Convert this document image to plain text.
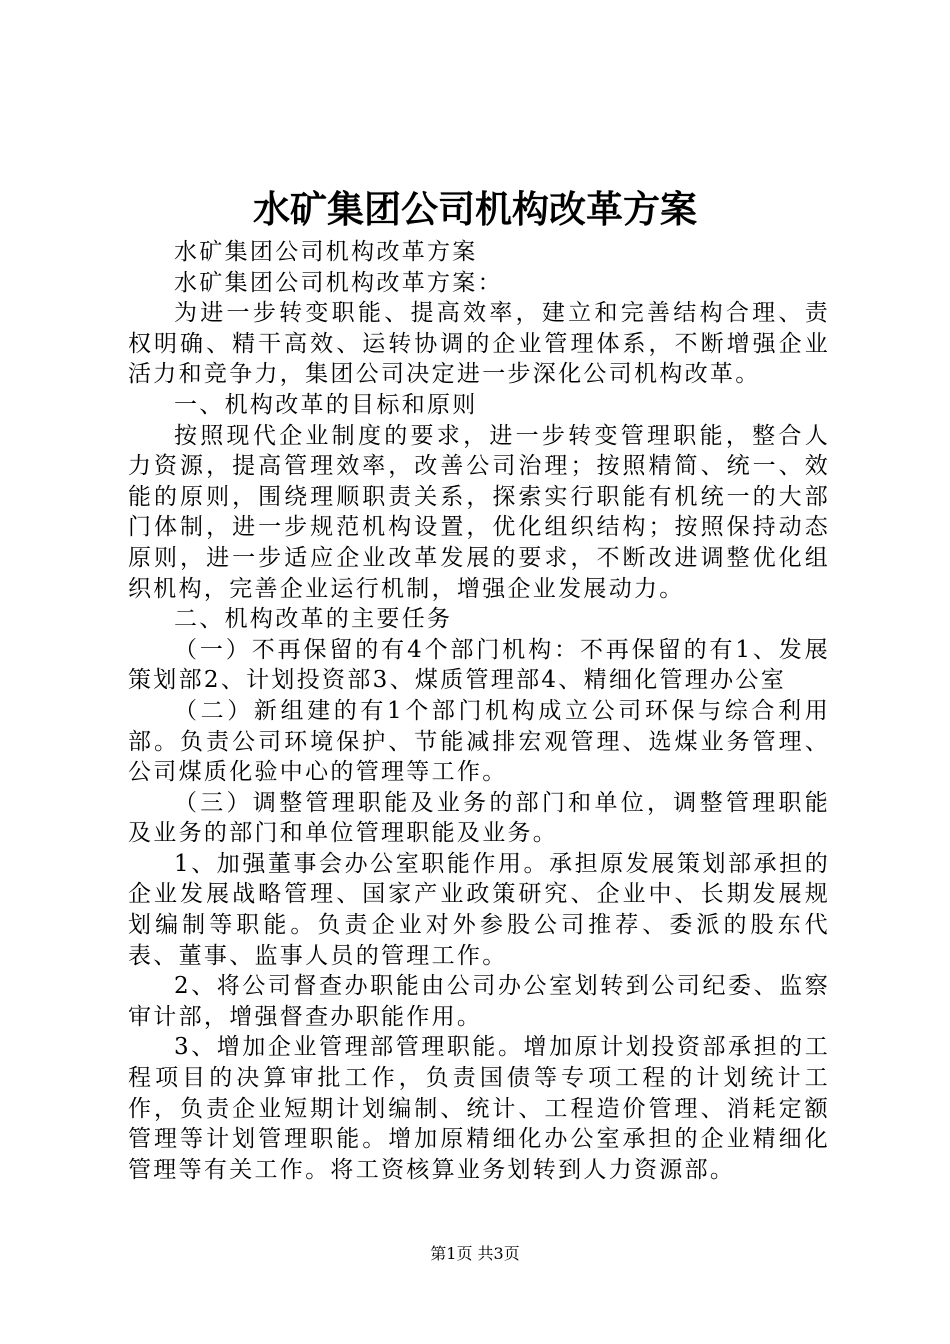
水矿集团公司机构改革方案

水矿集团公司机构改革方案

水矿集团公司机构改革方案：

为进一步转变职能、提高效率，建立和完善结构合理、责权明确、精干高效、运转协调的企业管理体系，不断增强企业活力和竞争力，集团公司决定进一步深化公司机构改革。

一、机构改革的目标和原则

按照现代企业制度的要求，进一步转变管理职能，整合人力资源，提高管理效率，改善公司治理；按照精简、统一、效能的原则，围绕理顺职责关系，探索实行职能有机统一的大部门体制，进一步规范机构设置，优化组织结构；按照保持动态原则，进一步适应企业改革发展的要求，不断改进调整优化组织机构，完善企业运行机制，增强企业发展动力。

二、机构改革的主要任务

（一）不再保留的有4个部门机构：不再保留的有1、发展策划部2、计划投资部3、煤质管理部4、精细化管理办公室

（二）新组建的有1个部门机构成立公司环保与综合利用部。负责公司环境保护、节能减排宏观管理、选煤业务管理、公司煤质化验中心的管理等工作。

（三）调整管理职能及业务的部门和单位，调整管理职能及业务的部门和单位管理职能及业务。

1、加强董事会办公室职能作用。承担原发展策划部承担的企业发展战略管理、国家产业政策研究、企业中、长期发展规划编制等职能。负责企业对外参股公司推荐、委派的股东代表、董事、监事人员的管理工作。

2、将公司督查办职能由公司办公室划转到公司纪委、监察审计部，增强督查办职能作用。

3、增加企业管理部管理职能。增加原计划投资部承担的工程项目的决算审批工作，负责国债等专项工程的计划统计工作，负责企业短期计划编制、统计、工程造价管理、消耗定额管理等计划管理职能。增加原精细化办公室承担的企业精细化管理等有关工作。将工资核算业务划转到人力资源部。

第1页 共3页
